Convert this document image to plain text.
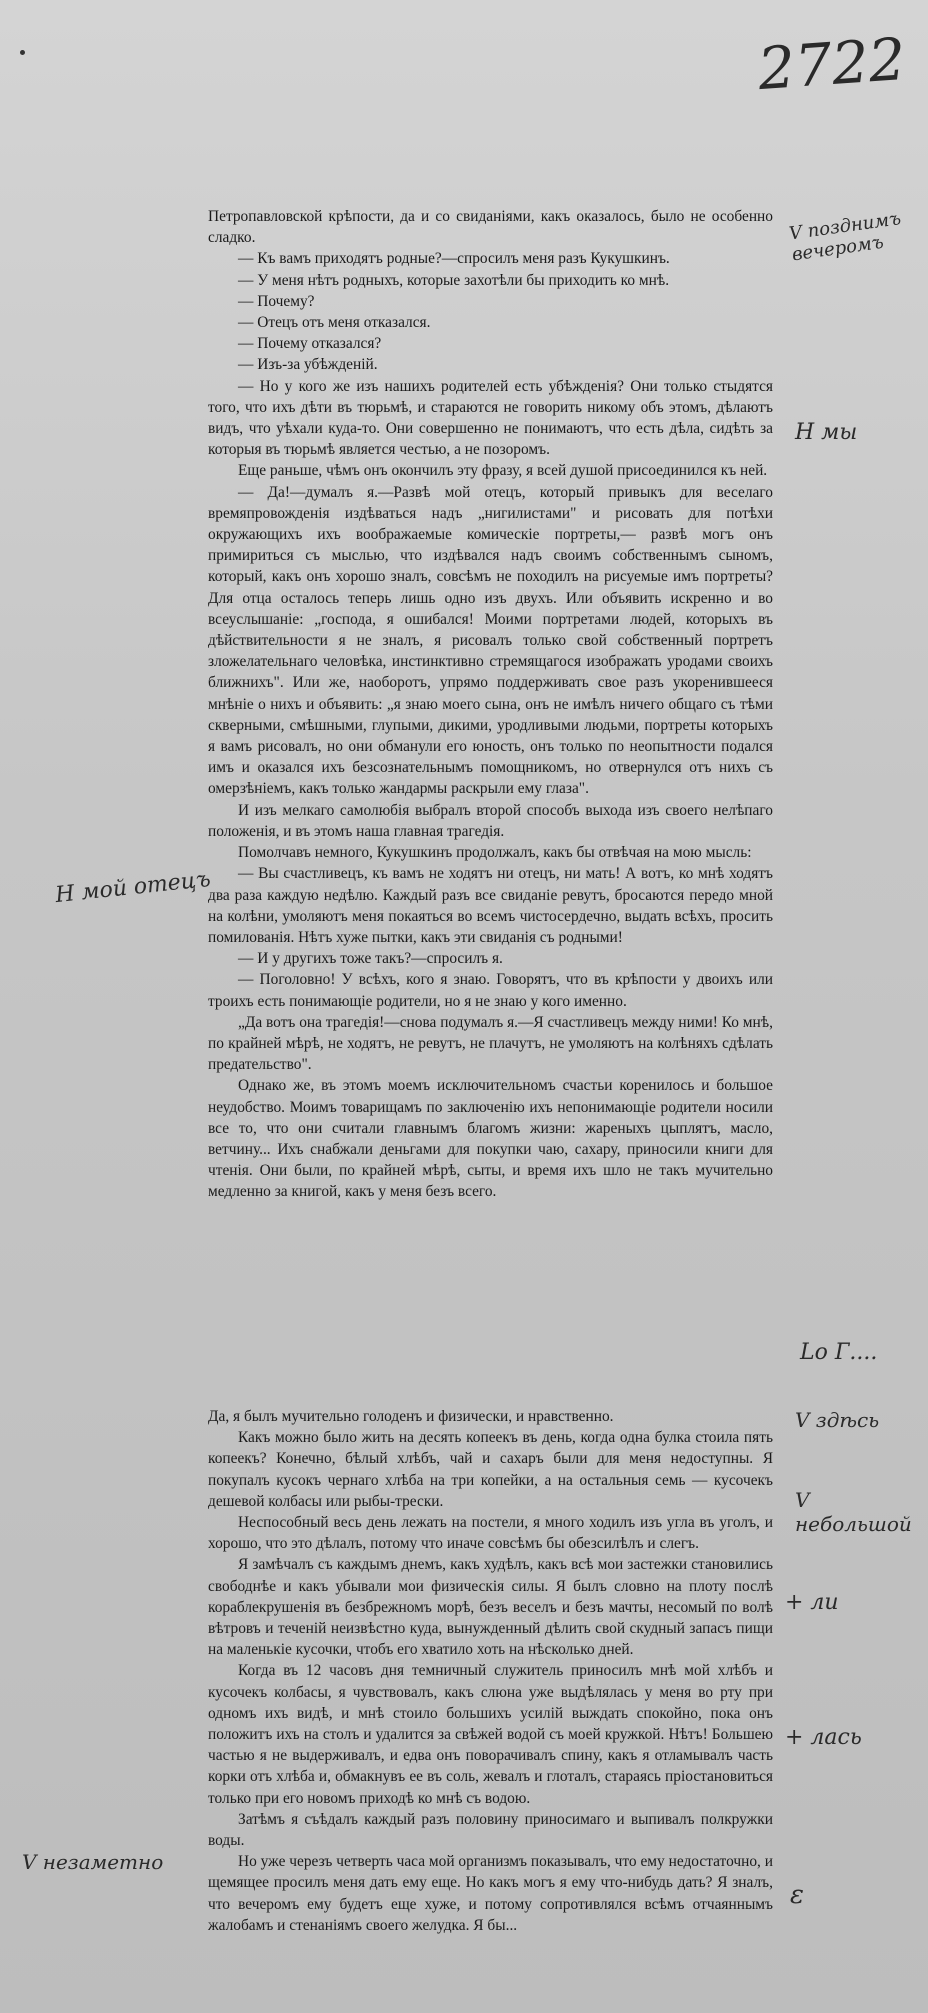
2722

Петропавловской крѣпости, да и со свиданіями, какъ оказалось, было не особенно сладко.

— Къ вамъ приходятъ родные?—спросилъ меня разъ Кукушкинъ.

— У меня нѣтъ родныхъ, которые захотѣли бы приходить ко мнѣ.

— Почему?

— Отецъ отъ меня отказался.

— Почему отказался?

— Изъ-за убѣжденій.

— Но у кого же изъ нашихъ родителей есть убѣжденія? Они только стыдятся того, что ихъ дѣти въ тюрьмѣ, и стараются не говорить никому объ этомъ, дѣлаютъ видъ, что уѣхали куда-то. Они совершенно не понимаютъ, что есть дѣла, сидѣть за которыя въ тюрьмѣ является честью, а не позоромъ.

Еще раньше, чѣмъ онъ окончилъ эту фразу, я всей душой присоединился къ ней.

— Да!—думалъ я.—Развѣ мой отецъ, который привыкъ для веселаго времяпровожденія издѣваться надъ „нигилистами" и рисовать для потѣхи окружающихъ ихъ воображаемые комическіе портреты,— развѣ могъ онъ примириться съ мыслью, что издѣвался надъ своимъ собственнымъ сыномъ, который, какъ онъ хорошо зналъ, совсѣмъ не походилъ на рисуемые имъ портреты? Для отца осталось теперь лишь одно изъ двухъ. Или объявить искренно и во всеуслышаніе: „господа, я ошибался! Моими портретами людей, которыхъ въ дѣйствительности я не зналъ, я рисовалъ только свой собственный портретъ зложелательнаго человѣка, инстинктивно стремящагося изображать уродами своихъ ближнихъ". Или же, наоборотъ, упрямо поддерживать свое разъ укоренившееся мнѣніе о нихъ и объявить: „я знаю моего сына, онъ не имѣлъ ничего общаго съ тѣми скверными, смѣшными, глупыми, дикими, уродливыми людьми, портреты которыхъ я вамъ рисовалъ, но они обманули его юность, онъ только по неопытности подался имъ и оказался ихъ безсознательнымъ помощникомъ, но отвернулся отъ нихъ съ омерзѣніемъ, какъ только жандармы раскрыли ему глаза".

И изъ мелкаго самолюбія выбралъ второй способъ выхода изъ своего нелѣпаго положенія, и въ этомъ наша главная трагедія.

Помолчавъ немного, Кукушкинъ продолжалъ, какъ бы отвѣчая на мою мысль:

— Вы счастливецъ, къ вамъ не ходятъ ни отецъ, ни мать! А вотъ, ко мнѣ ходятъ два раза каждую недѣлю. Каждый разъ все свиданіе ревутъ, бросаются передо мной на колѣни, умоляютъ меня покаяться во всемъ чистосердечно, выдать всѣхъ, просить помилованія. Нѣтъ хуже пытки, какъ эти свиданія съ родными!

— И у другихъ тоже такъ?—спросилъ я.

— Поголовно! У всѣхъ, кого я знаю. Говорятъ, что въ крѣпости у двоихъ или троихъ есть понимающіе родители, но я не знаю у кого именно.

„Да вотъ она трагедія!—снова подумалъ я.—Я счастливецъ между ними! Ко мнѣ, по крайней мѣрѣ, не ходятъ, не ревутъ, не плачутъ, не умоляютъ на колѣняхъ сдѣлать предательство".

Однако же, въ этомъ моемъ исключительномъ счастьи коренилось и большое неудобство. Моимъ товарищамъ по заключенію ихъ непонимающіе родители носили все то, что они считали главнымъ благомъ жизни: жареныхъ цыплятъ, масло, ветчину... Ихъ снабжали деньгами для покупки чаю, сахару, приносили книги для чтенія. Они были, по крайней мѣрѣ, сыты, и время ихъ шло не такъ мучительно медленно за книгой, какъ у меня безъ всего.

Да, я былъ мучительно голоденъ и физически, и нравственно.

Какъ можно было жить на десять копеекъ въ день, когда одна булка стоила пять копеекъ? Конечно, бѣлый хлѣбъ, чай и сахаръ были для меня недоступны. Я покупалъ кусокъ чернаго хлѣба на три копейки, а на остальныя семь — кусочекъ дешевой колбасы или рыбы-трески.

Неспособный весь день лежать на постели, я много ходилъ изъ угла въ уголъ, и хорошо, что это дѣлалъ, потому что иначе совсѣмъ бы обезсилѣлъ и слегъ.

Я замѣчалъ съ каждымъ днемъ, какъ худѣлъ, какъ всѣ мои застежки становились свободнѣе и какъ убывали мои физическія силы. Я былъ словно на плоту послѣ кораблекрушенія въ безбрежномъ морѣ, безъ веселъ и безъ мачты, несомый по волѣ вѣтровъ и теченій неизвѣстно куда, вынужденный дѣлить свой скудный запасъ пищи на маленькіе кусочки, чтобъ его хватило хоть на нѣсколько дней.

Когда въ 12 часовъ дня темничный служитель приносилъ мнѣ мой хлѣбъ и кусочекъ колбасы, я чувствовалъ, какъ слюна уже выдѣлялась у меня во рту при одномъ ихъ видѣ, и мнѣ стоило большихъ усилій выждать спокойно, пока онъ положитъ ихъ на столъ и удалится за свѣжей водой съ моей кружкой. Нѣтъ! Большею частью я не выдерживалъ, и едва онъ поворачивалъ спину, какъ я отламывалъ часть корки отъ хлѣба и, обмакнувъ ее въ соль, жевалъ и глоталъ, стараясь пріостановиться только при его новомъ приходѣ ко мнѣ съ водою.

Затѣмъ я съѣдалъ каждый разъ половину приносимаго и выпивалъ полкружки воды.

Но уже черезъ четверть часа мой организмъ показывалъ, что ему недостаточно, и щемящее просилъ меня дать ему еще. Но какъ могъ я ему что-нибудь дать? Я зналъ, что вечеромъ ему будетъ еще хуже, и потому сопротивлялся всѣмъ отчаяннымъ жалобамъ и стенаніямъ своего желудка. Я бы...

V позднимъ вечеромъ
H мы
H мой отецъ
Lo Г....
V здѣсь
V небольшой
+ ли
+ лась
V незаметно
ε
